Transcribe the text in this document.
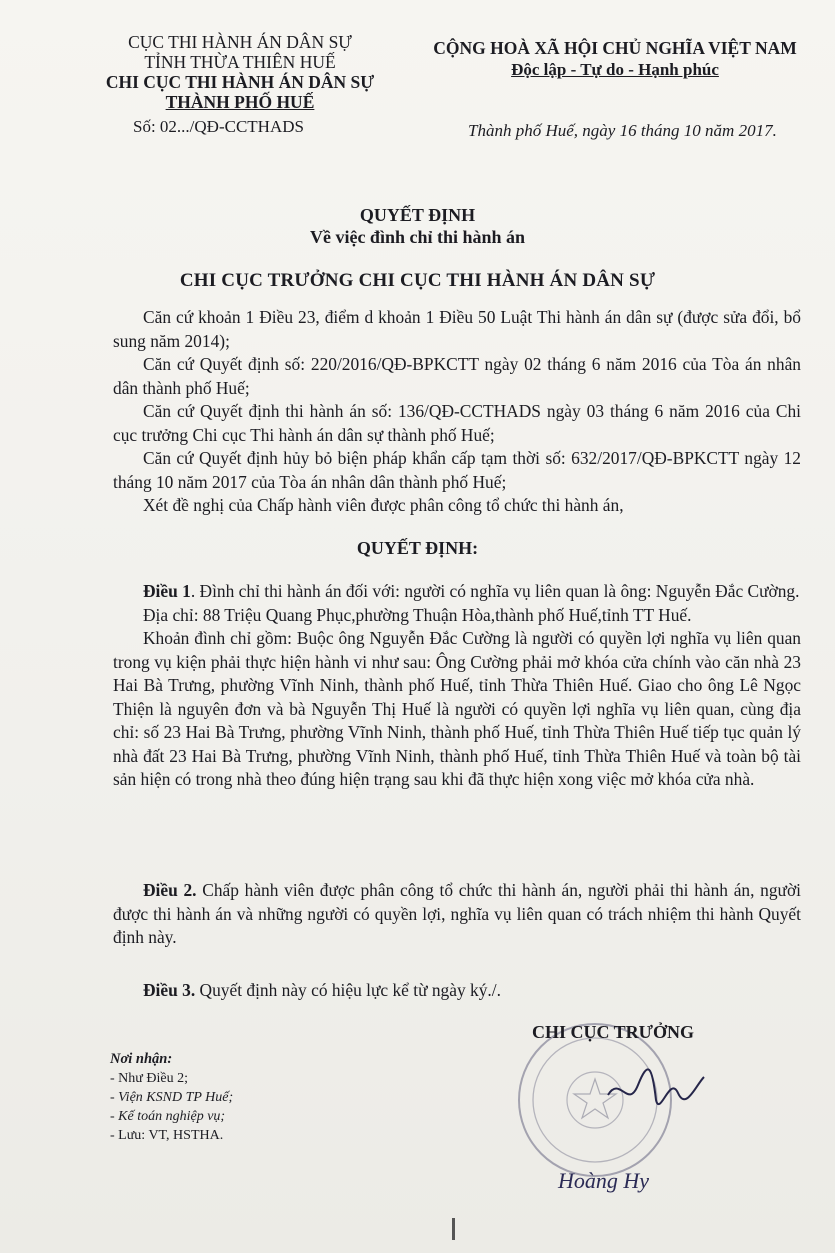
CỤC THI HÀNH ÁN DÂN SỰ
TỈNH THỪA THIÊN HUẾ
CHI CỤC THI HÀNH ÁN DÂN SỰ
THÀNH PHỐ HUẾ
Số: 02.../QĐ-CCTHADS
CỘNG HOÀ XÃ HỘI CHỦ NGHĨA VIỆT NAM
Độc lập - Tự do - Hạnh phúc
Thành phố Huế, ngày 16 tháng 10 năm 2017.
QUYẾT ĐỊNH
Về việc đình chỉ thi hành án
CHI CỤC TRƯỞNG CHI CỤC THI HÀNH ÁN DÂN SỰ
Căn cứ khoản 1 Điều 23, điểm d khoản 1 Điều 50 Luật Thi hành án dân sự (được sửa đổi, bổ sung năm 2014);
Căn cứ Quyết định số: 220/2016/QĐ-BPKCTT ngày 02 tháng 6 năm 2016 của Tòa án nhân dân thành phố Huế;
Căn cứ Quyết định thi hành án số: 136/QĐ-CCTHADS ngày 03 tháng 6 năm 2016 của Chi cục trưởng Chi cục Thi hành án dân sự thành phố Huế;
Căn cứ Quyết định hủy bỏ biện pháp khẩn cấp tạm thời số: 632/2017/QĐ-BPKCTT ngày 12 tháng 10 năm 2017 của Tòa án nhân dân thành phố Huế;
Xét đề nghị của Chấp hành viên được phân công tổ chức thi hành án,
QUYẾT ĐỊNH:
Điều 1. Đình chỉ thi hành án đối với: người có nghĩa vụ liên quan là ông: Nguyễn Đắc Cường.
Địa chỉ: 88 Triệu Quang Phục,phường Thuận Hòa,thành phố Huế,tỉnh TT Huế.
Khoản đình chỉ gồm: Buộc ông Nguyễn Đắc Cường là người có quyền lợi nghĩa vụ liên quan trong vụ kiện phải thực hiện hành vi như sau: Ông Cường phải mở khóa cửa chính vào căn nhà 23 Hai Bà Trưng, phường Vĩnh Ninh, thành phố Huế, tỉnh Thừa Thiên Huế. Giao cho ông Lê Ngọc Thiện là nguyên đơn và bà Nguyễn Thị Huế là người có quyền lợi nghĩa vụ liên quan, cùng địa chỉ: số 23 Hai Bà Trưng, phường Vĩnh Ninh, thành phố Huế, tỉnh Thừa Thiên Huế tiếp tục quản lý nhà đất 23 Hai Bà Trưng, phường Vĩnh Ninh, thành phố Huế, tỉnh Thừa Thiên Huế và toàn bộ tài sản hiện có trong nhà theo đúng hiện trạng sau khi đã thực hiện xong việc mở khóa cửa nhà.
Điều 2. Chấp hành viên được phân công tổ chức thi hành án, người phải thi hành án, người được thi hành án và những người có quyền lợi, nghĩa vụ liên quan có trách nhiệm thi hành Quyết định này.
Điều 3. Quyết định này có hiệu lực kể từ ngày ký./.
Nơi nhận:
- Như Điều 2;
- Viện KSND TP Huế;
- Kế toán nghiệp vụ;
- Lưu: VT, HSTHA.
CHI CỤC TRƯỞNG
Hoàng Hy
